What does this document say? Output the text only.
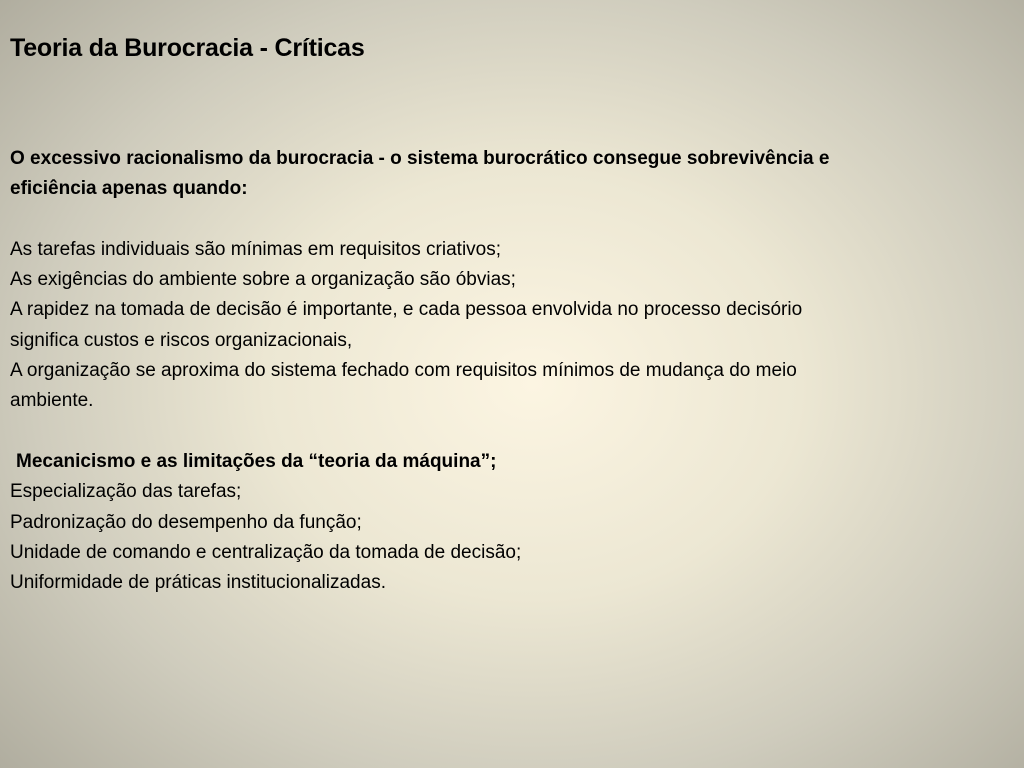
Teoria da Burocracia - Críticas
O excessivo racionalismo da burocracia - o sistema burocrático consegue sobrevivência e
eficiência apenas quando:
As tarefas individuais são mínimas em requisitos criativos;
As exigências do ambiente sobre a organização são óbvias;
A rapidez na tomada de decisão é importante, e cada pessoa envolvida no processo decisório
significa custos e riscos organizacionais,
A organização se aproxima do sistema fechado com requisitos mínimos de mudança do meio
ambiente.
Mecanicismo e as limitações da “teoria da máquina”;
Especialização das tarefas;
Padronização do desempenho da função;
Unidade de comando e centralização da tomada de decisão;
Uniformidade de práticas institucionalizadas.
